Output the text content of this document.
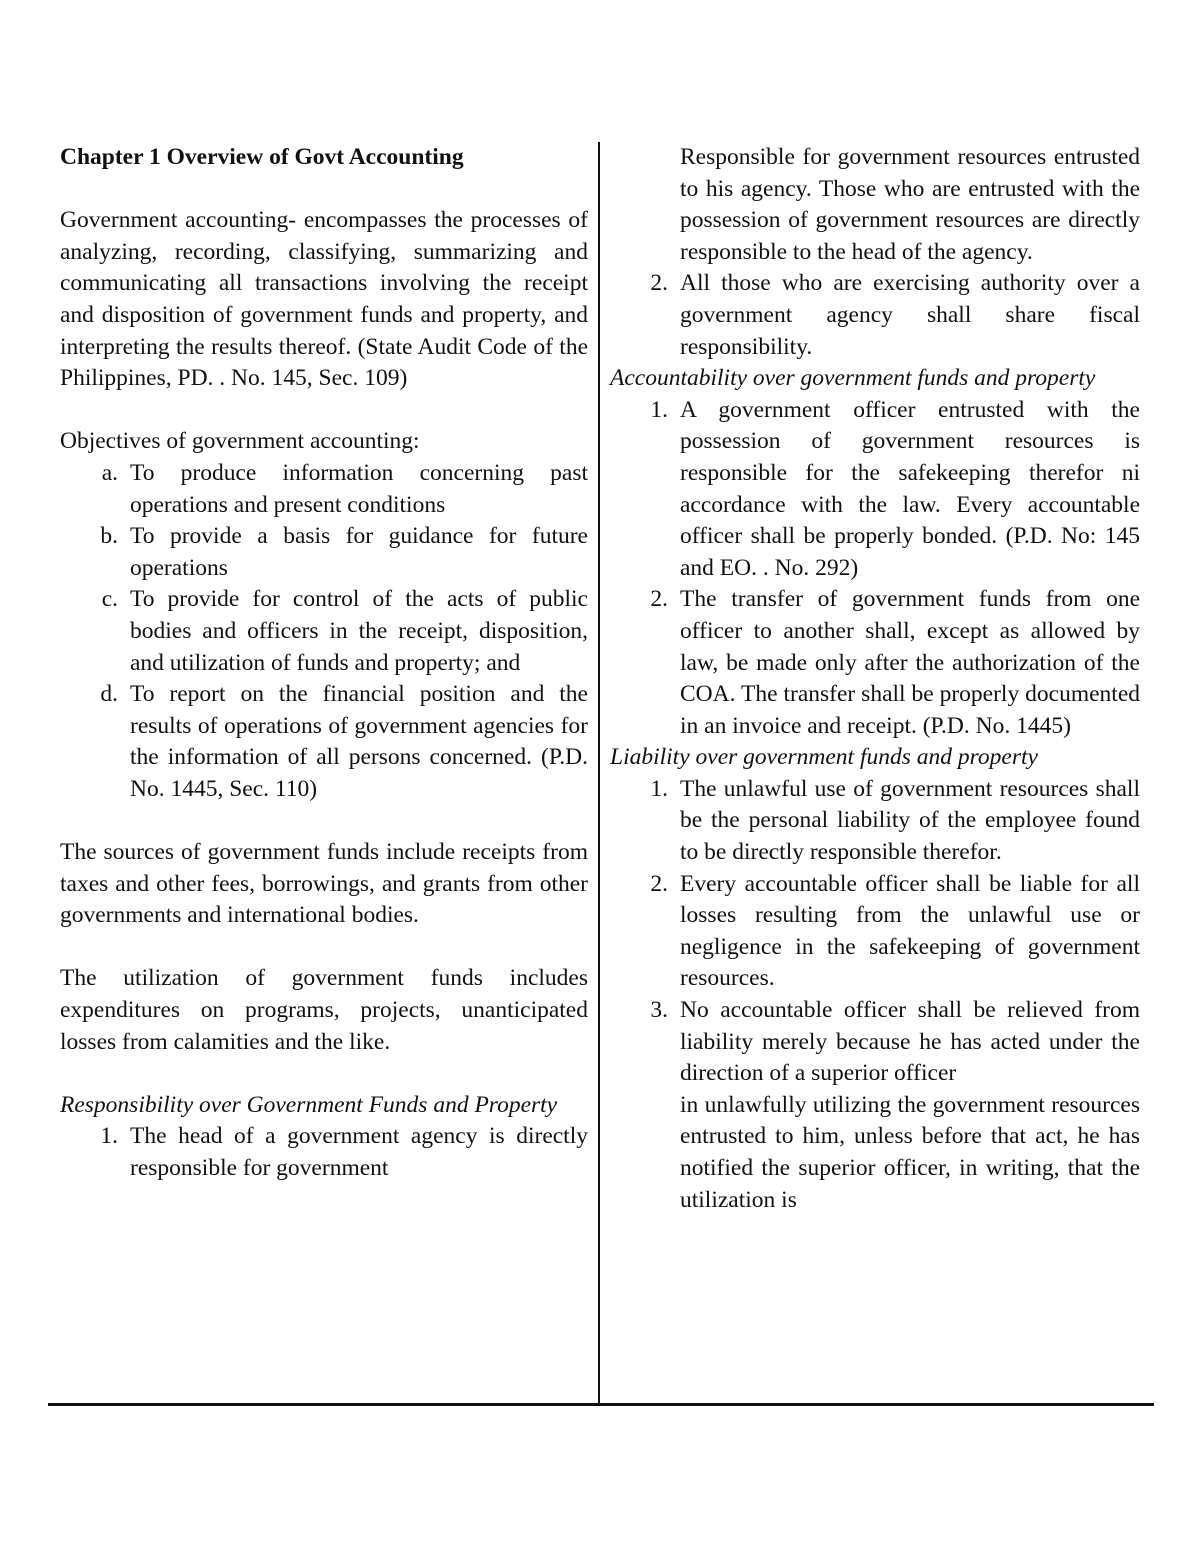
Chapter 1 Overview of Govt Accounting

Government accounting- encompasses the processes of analyzing, recording, classifying, summarizing and communicating all transactions involving the receipt and disposition of government funds and property, and interpreting the results thereof. (State Audit Code of the Philippines, PD. . No. 145, Sec. 109)

Objectives of government accounting:

a. To produce information concerning past operations and present conditions
b. To provide a basis for guidance for future operations
c. To provide for control of the acts of public bodies and officers in the receipt, disposition, and utilization of funds and property; and
d. To report on the financial position and the results of operations of government agencies for the information of all persons concerned. (P.D. No. 1445, Sec. 110)

The sources of government funds include receipts from taxes and other fees, borrowings, and grants from other governments and international bodies.

The utilization of government funds includes expenditures on programs, projects, unanticipated losses from calamities and the like.

Responsibility over Government Funds and Property

1. The head of a government agency is directly responsible for government

Responsible for government resources entrusted to his agency. Those who are entrusted with the possession of government resources are directly responsible to the head of the agency.

2. All those who are exercising authority over a government agency shall share fiscal responsibility.

Accountability over government funds and property

1. A government officer entrusted with the possession of government resources is responsible for the safekeeping therefor ni accordance with the law. Every accountable officer shall be properly bonded. (P.D. No: 145 and EO. . No. 292)
2. The transfer of government funds from one officer to another shall, except as allowed by law, be made only after the authorization of the COA. The transfer shall be properly documented in an invoice and receipt. (P.D. No. 1445)

Liability over government funds and property

1. The unlawful use of government resources shall be the personal liability of the employee found to be directly responsible therefor.
2. Every accountable officer shall be liable for all losses resulting from the unlawful use or negligence in the safekeeping of government resources.
3. No accountable officer shall be relieved from liability merely because he has acted under the direction of a superior officer

in unlawfully utilizing the government resources entrusted to him, unless before that act, he has notified the superior officer, in writing, that the utilization is
